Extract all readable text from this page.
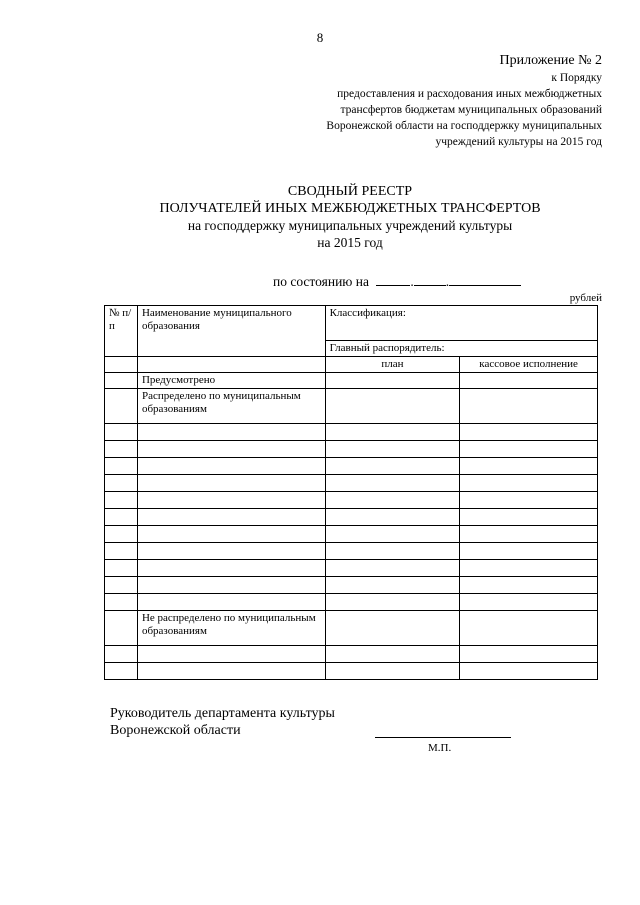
8
Приложение № 2
к Порядку
предоставления и расходования иных межбюджетных
трансфертов бюджетам муниципальных образований
Воронежской области на господдержку муниципальных
учреждений культуры на 2015 год
СВОДНЫЙ РЕЕСТР
ПОЛУЧАТЕЛЕЙ ИНЫХ МЕЖБЮДЖЕТНЫХ ТРАНСФЕРТОВ
на господдержку муниципальных учреждений культуры
на 2015 год
по состоянию на	. .
рублей
№ п/п	Наименование муниципального образования	Классификация:	
		Главный распорядитель:	
		план	кассовое исполнение
	Предусмотрено		
	Распределено по муниципальным образованиям		

	Не распределено по муниципальным образованиям		

Руководитель департамента культуры
Воронежской области
М.П.
